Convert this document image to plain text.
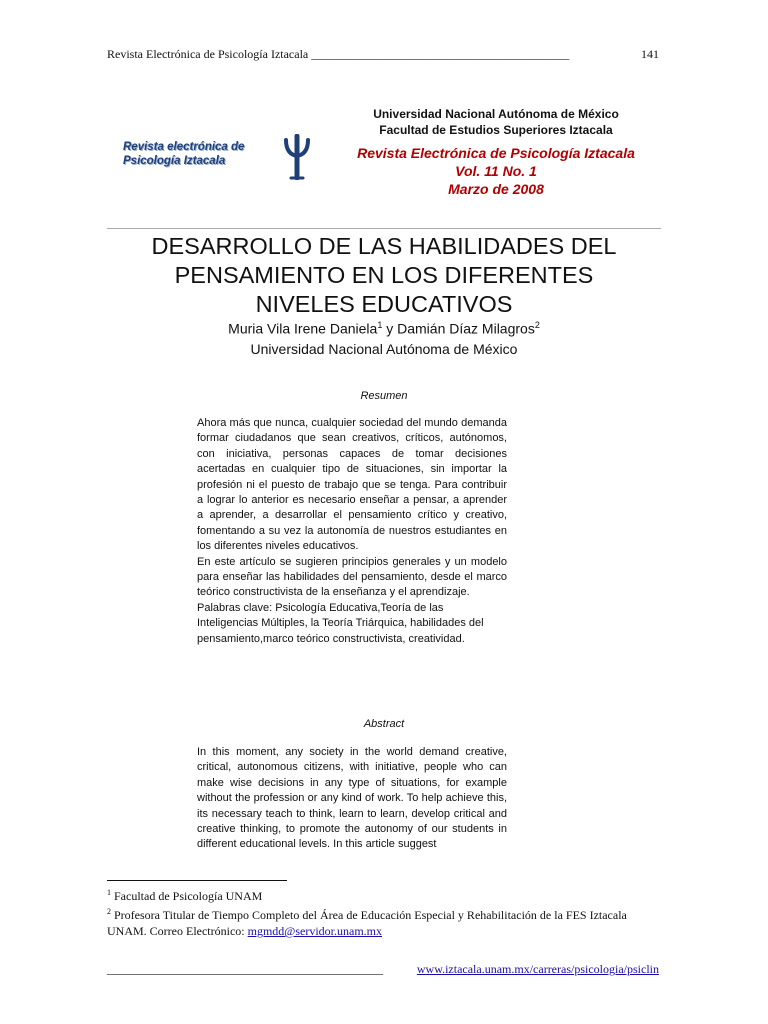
Revista Electrónica de Psicología Iztacala ___________________________________________	141
Revista electrónica de
Psicología Iztacala
Universidad Nacional Autónoma de México
Facultad de Estudios Superiores Iztacala
Revista Electrónica de Psicología Iztacala
Vol. 11 No. 1
Marzo de 2008
DESARROLLO DE LAS HABILIDADES DEL
PENSAMIENTO EN LOS DIFERENTES
NIVELES EDUCATIVOS
Muria Vila Irene Daniela$^1$ y Damián Díaz Milagros$^2$
Universidad Nacional Autónoma de México
Resumen

Ahora más que nunca, cualquier sociedad del mundo demanda formar ciudadanos que sean creativos, críticos, autónomos, con iniciativa, personas capaces de tomar decisiones acertadas en cualquier tipo de situaciones, sin importar la profesión ni el puesto de trabajo que se tenga. Para contribuir a lograr lo anterior es necesario enseñar a pensar, a aprender a aprender, a desarrollar el pensamiento crítico y creativo, fomentando a su vez la autonomía de nuestros estudiantes en los diferentes niveles educativos.

En este artículo se sugieren principios generales y un modelo para enseñar las habilidades del pensamiento, desde el marco teórico constructivista de la enseñanza y el aprendizaje.

Palabras clave: Psicología Educativa,Teoría de las Inteligencias Múltiples, la Teoría Triárquica, habilidades del pensamiento,marco teórico constructivista, creatividad.

Abstract

In this moment, any society in the world demand creative, critical, autonomous citizens, with initiative, people who can make wise decisions in any type of situations, for example without the profession or any kind of work. To help achieve this, its necessary teach to think, learn to learn, develop critical and creative thinking, to promote the autonomy of our students in different educational levels. In this article suggest

$^1$ Facultad de Psicología UNAM
$^2$ Profesora Titular de Tiempo Completo del Área de Educación Especial y Rehabilitación de la FES Iztacala UNAM. Correo Electrónico: mgmdd@servidor.unam.mx
______________________________________________	www.iztacala.unam.mx/carreras/psicologia/psiclin
